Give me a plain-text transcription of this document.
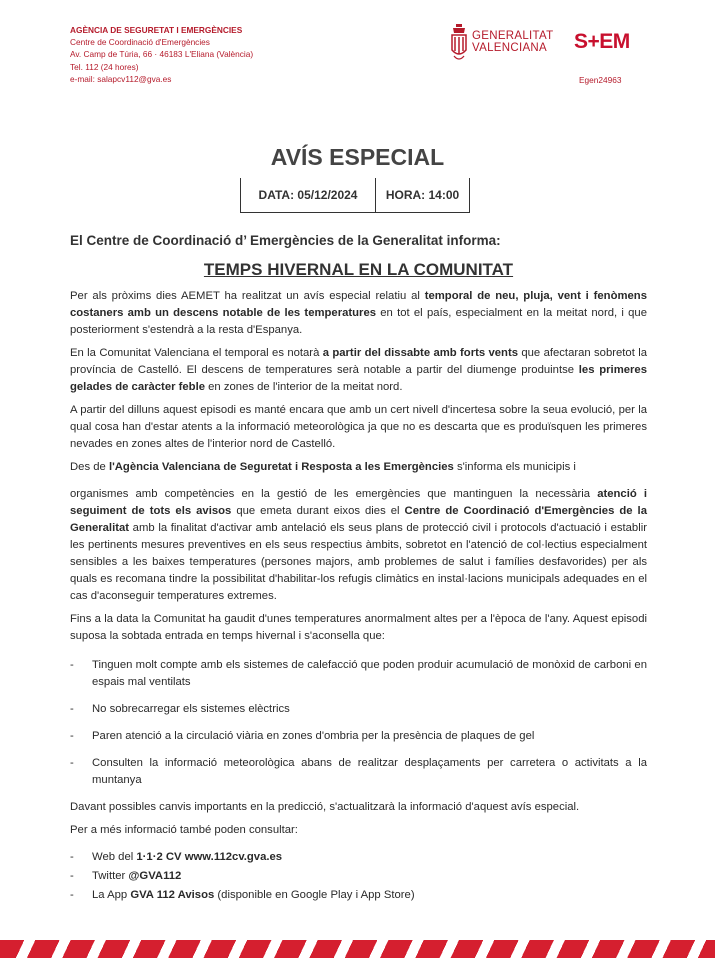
AGÈNCIA DE SEGURETAT I EMERGÈNCIES
Centre de Coordinació d'Emergències
Av. Camp de Túria, 66 · 46183 L'Eliana (València)
Tel. 112 (24 hores)
e-mail: salapcv112@gva.es
GENERALITAT
VALENCIANA	S+EM
Egen24963
AVÍS ESPECIAL
DATA: 05/12/2024	HORA: 14:00

El Centre de Coordinació d’ Emergències de la Generalitat informa:

TEMPS HIVERNAL EN LA COMUNITAT

Per als pròxims dies AEMET ha realitzat un avís especial relatiu al temporal de neu, pluja, vent i fenòmens costaners amb un descens notable de les temperatures en tot el país, especialment en la meitat nord, i que posteriorment s'estendrà a la resta d'Espanya.

En la Comunitat Valenciana el temporal es notarà a partir del dissabte amb forts vents que afectaran sobretot la província de Castelló. El descens de temperatures serà notable a partir del diumenge produintse les primeres gelades de caràcter feble en zones de l'interior de la meitat nord.

A partir del dilluns aquest episodi es manté encara que amb un cert nivell d'incertesa sobre la seua evolució, per la qual cosa han d'estar atents a la informació meteorològica ja que no es descarta que es produïsquen les primeres nevades en zones altes de l'interior nord de Castelló.

Des de l'Agència Valenciana de Seguretat i Resposta a les Emergències s'informa els municipis i

organismes amb competències en la gestió de les emergències que mantinguen la necessària atenció i seguiment de tots els avisos que emeta durant eixos dies el Centre de Coordinació d'Emergències de la Generalitat amb la finalitat d'activar amb antelació els seus plans de protecció civil i protocols d'actuació i establir les pertinents mesures preventives en els seus respectius àmbits, sobretot en l'atenció de col·lectius especialment sensibles a les baixes temperatures (persones majors, amb problemes de salut i famílies desfavorides) per als quals es recomana tindre la possibilitat d'habilitar-los refugis climàtics en instal·lacions municipals adequades en el cas d'aconseguir temperatures extremes.

Fins a la data la Comunitat ha gaudit d'unes temperatures anormalment altes per a l'època de l'any. Aquest episodi suposa la sobtada entrada en temps hivernal i s'aconsella que:

- Tinguen molt compte amb els sistemes de calefacció que poden produir acumulació de monòxid de carboni en espais mal ventilats
- No sobrecarregar els sistemes elèctrics
- Paren atenció a la circulació viària en zones d'ombria per la presència de plaques de gel
- Consulten la informació meteorològica abans de realitzar desplaçaments per carretera o activitats a la muntanya

Davant possibles canvis importants en la predicció, s'actualitzarà la informació d'aquest avís especial.

Per a més informació també poden consultar:

- Web del 1·1·2 CV www.112cv.gva.es
- Twitter @GVA112
- La App GVA 112 Avisos (disponible en Google Play i App Store)
